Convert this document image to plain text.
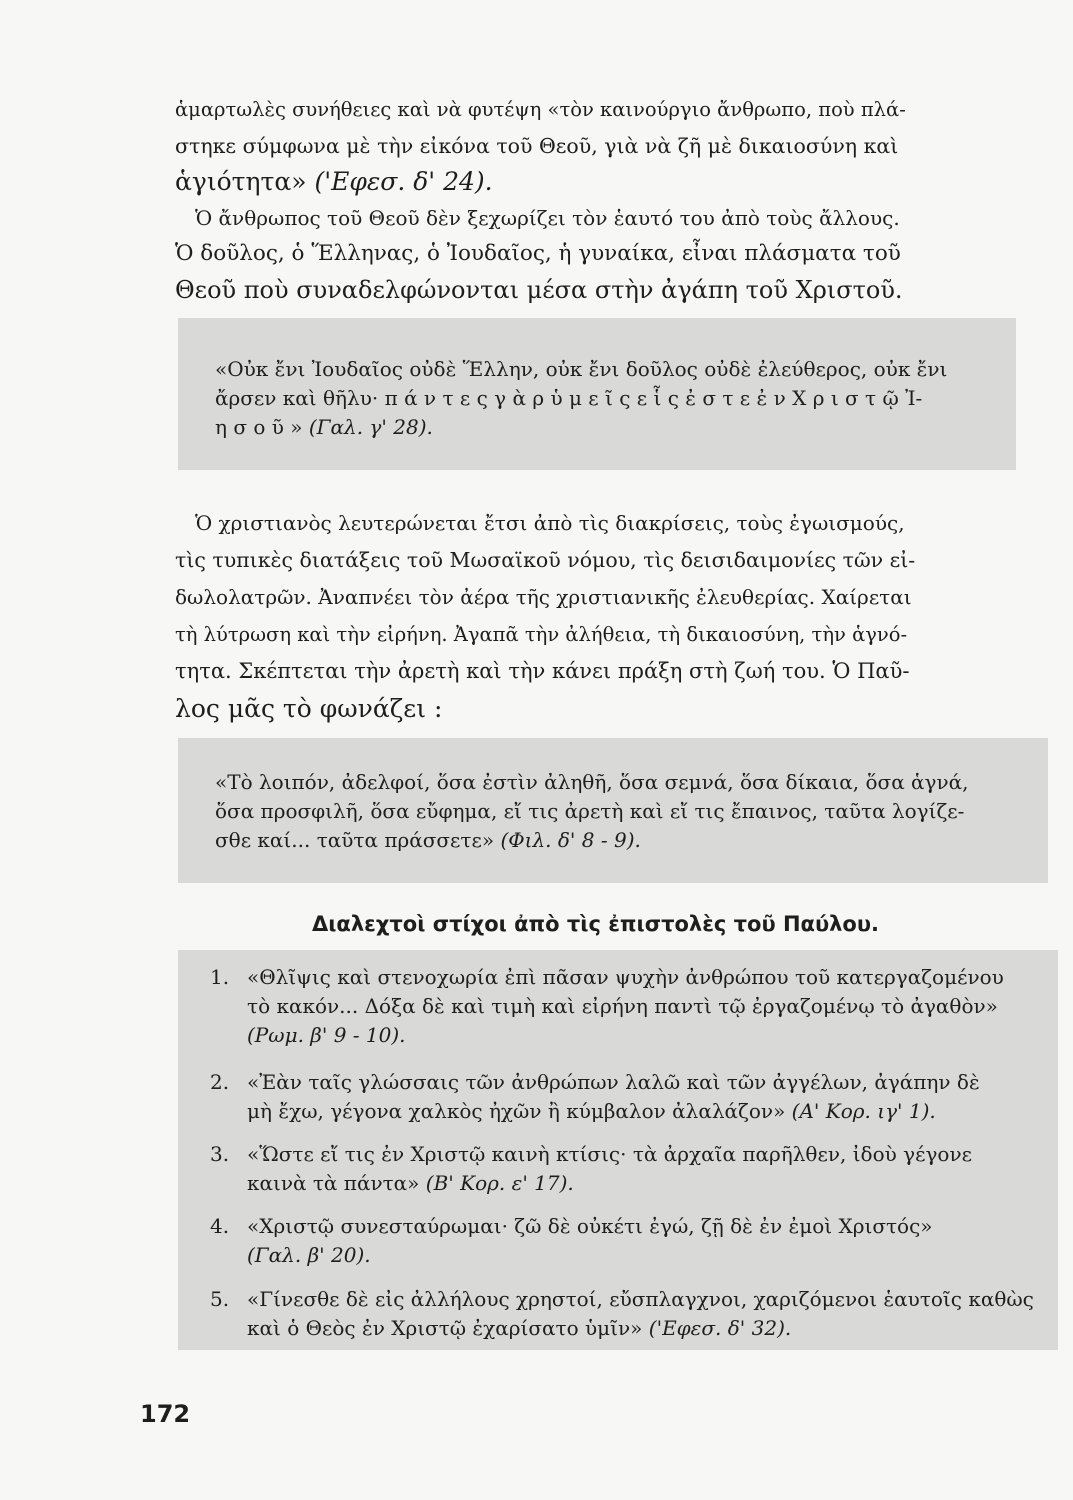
ἁμαρτωλὲς συνήθειες καὶ νὰ φυτέψη «τὸν καινούργιο ἄνθρωπο, ποὺ πλά-
στηκε σύμφωνα μὲ τὴν εἰκόνα τοῦ Θεοῦ, γιὰ νὰ ζῆ μὲ δικαιοσύνη καὶ
ἁγιότητα» ('Εφεσ. δ' 24).
Ὁ ἄνθρωπος τοῦ Θεοῦ δὲν ξεχωρίζει τὸν ἑαυτό του ἀπὸ τοὺς ἄλλους.
Ὁ δοῦλος, ὁ Ἕλληνας, ὁ Ἰουδαῖος, ἡ γυναίκα, εἶναι πλάσματα τοῦ
Θεοῦ ποὺ συναδελφώνονται μέσα στὴν ἀγάπη τοῦ Χριστοῦ.
«Οὐκ ἔνι Ἰουδαῖος οὐδὲ Ἕλλην, οὐκ ἔνι δοῦλος οὐδὲ ἐλεύθερος, οὐκ ἔνι
ἄρσεν καὶ θῆλυ· π ά ν τ ε ς γ ὰ ρ ὑ μ ε ῖ ς ε ἷ ς ἐ σ τ ε ἐ ν Χ ρ ι σ τ ῷ Ἰ-
η σ ο ῦ » (Γαλ. γ' 28).
Ὁ χριστιανὸς λευτερώνεται ἔτσι ἀπὸ τὶς διακρίσεις, τοὺς ἐγωισμούς,
τὶς τυπικὲς διατάξεις τοῦ Μωσαϊκοῦ νόμου, τὶς δεισιδαιμονίες τῶν εἰ-
δωλολατρῶν. Ἀναπνέει τὸν ἀέρα τῆς χριστιανικῆς ἐλευθερίας. Χαίρεται
τὴ λύτρωση καὶ τὴν εἰρήνη. Ἀγαπᾶ τὴν ἀλήθεια, τὴ δικαιοσύνη, τὴν ἁγνό-
τητα. Σκέπτεται τὴν ἀρετὴ καὶ τὴν κάνει πράξη στὴ ζωή του. Ὁ Παῦ-
λος μᾶς τὸ φωνάζει :
«Τὸ λοιπόν, ἀδελφοί, ὅσα ἐστὶν ἀληθῆ, ὅσα σεμνά, ὅσα δίκαια, ὅσα ἁγνά,
ὅσα προσφιλῆ, ὅσα εὔφημα, εἴ τις ἀρετὴ καὶ εἴ τις ἔπαινος, ταῦτα λογίζε-
σθε καί... ταῦτα πράσσετε» (Φιλ. δ' 8 - 9).
Διαλεχτοὶ στίχοι ἀπὸ τὶς ἐπιστολὲς τοῦ Παύλου.
1. «Θλῖψις καὶ στενοχωρία ἐπὶ πᾶσαν ψυχὴν ἀνθρώπου τοῦ κατεργαζομένου
τὸ κακόν... Δόξα δὲ καὶ τιμὴ καὶ εἰρήνη παντὶ τῷ ἐργαζομένῳ τὸ ἀγαθὸν»
(Ρωμ. β' 9 - 10).
2. «Ἐὰν ταῖς γλώσσαις τῶν ἀνθρώπων λαλῶ καὶ τῶν ἀγγέλων, ἀγάπην δὲ
μὴ ἔχω, γέγονα χαλκὸς ἠχῶν ἢ κύμβαλον ἀλαλάζον» (Α' Κορ. ιγ' 1).
3. «Ὥστε εἴ τις ἐν Χριστῷ καινὴ κτίσις· τὰ ἀρχαῖα παρῆλθεν, ἰδοὺ γέγονε
καινὰ τὰ πάντα» (Β' Κορ. ε' 17).
4. «Χριστῷ συνεσταύρωμαι· ζῶ δὲ οὐκέτι ἐγώ, ζῇ δὲ ἐν ἐμοὶ Χριστός»
(Γαλ. β' 20).
5. «Γίνεσθε δὲ εἰς ἀλλήλους χρηστοί, εὔσπλαγχνοι, χαριζόμενοι ἑαυτοῖς καθὼς
καὶ ὁ Θεὸς ἐν Χριστῷ ἐχαρίσατο ὑμῖν» ('Εφεσ. δ' 32).
172
